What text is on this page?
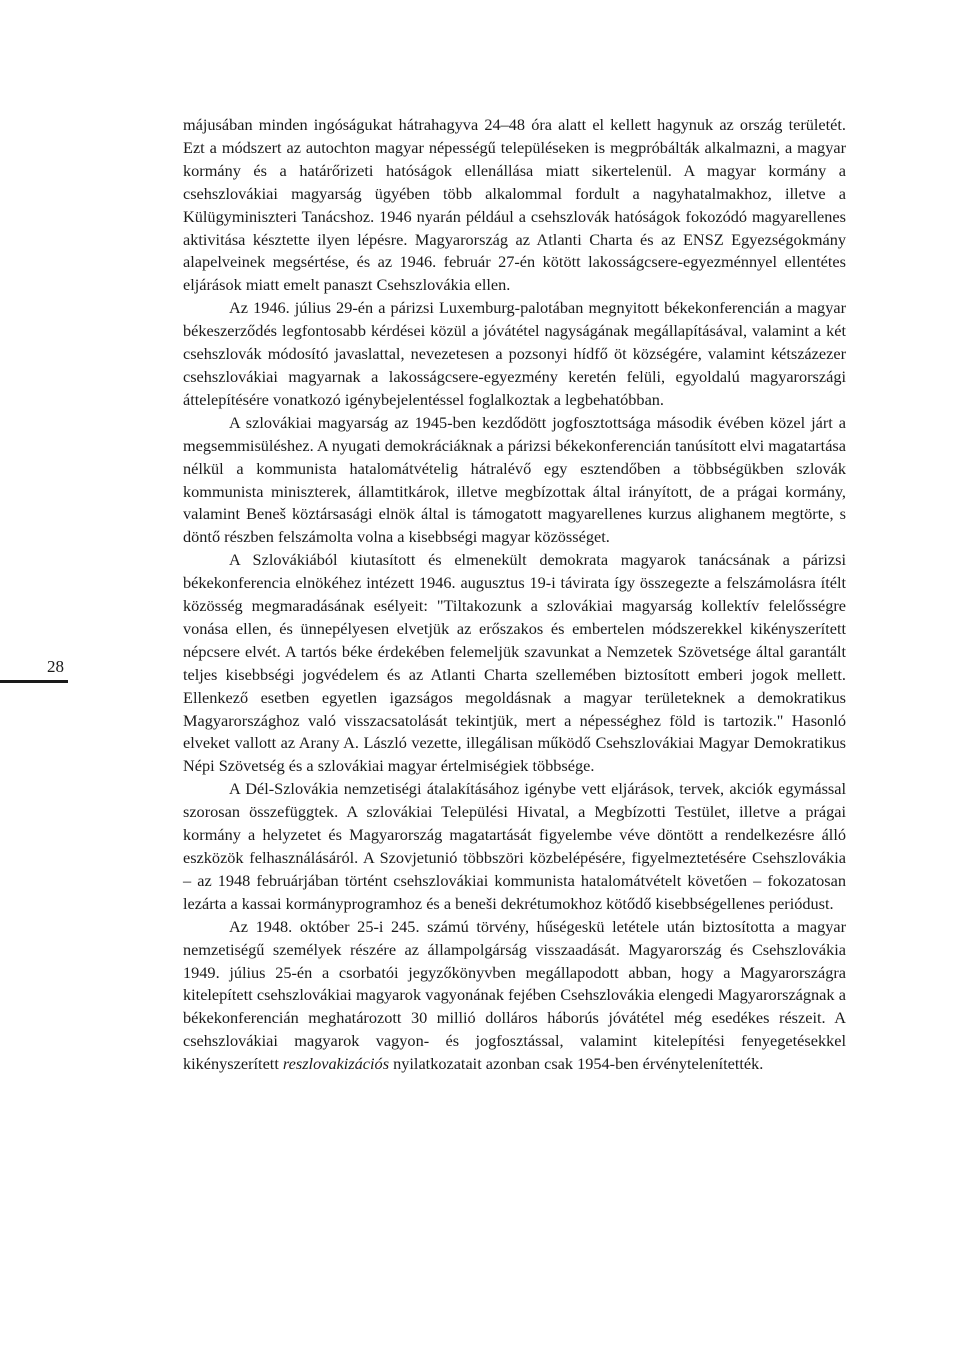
28

májusában minden ingóságukat hátrahagyva 24–48 óra alatt el kellett hagynuk az ország területét. Ezt a módszert az autochton magyar népességű településeken is megpróbálták alkalmazni, a magyar kormány és a határőrizeti hatóságok ellenállása miatt sikertelenül. A magyar kormány a csehszlovákiai magyarság ügyében több alkalommal fordult a nagyhatalmakhoz, illetve a Külügyminiszteri Tanácshoz. 1946 nyarán például a csehszlovák hatóságok fokozódó magyarellenes aktivitása késztette ilyen lépésre. Magyarország az Atlanti Charta és az ENSZ Egyezségokmány alapelveinek megsértése, és az 1946. február 27-én kötött lakosságcsere-egyezménnyel ellentétes eljárások miatt emelt panaszt Csehszlovákia ellen.

Az 1946. július 29-én a párizsi Luxemburg-palotában megnyitott békekonferencián a magyar békeszerződés legfontosabb kérdései közül a jóvátétel nagyságának megállapításával, valamint a két csehszlovák módosító javaslattal, nevezetesen a pozsonyi hídfő öt községére, valamint kétszázezer csehszlovákiai magyarnak a lakosságcsere-egyezmény keretén felüli, egyoldalú magyarországi áttelepítésére vonatkozó igénybejelentéssel foglalkoztak a legbehatóbban.

A szlovákiai magyarság az 1945-ben kezdődött jogfosztottsága második évében közel járt a megsemmisüléshez. A nyugati demokráciáknak a párizsi békekonferencián tanúsított elvi magatartása nélkül a kommunista hatalomátvételig hátralévő egy esztendőben a többségükben szlovák kommunista miniszterek, államtitkárok, illetve megbízottak által irányított, de a prágai kormány, valamint Beneš köztársasági elnök által is támogatott magyarellenes kurzus alighanem megtörte, s döntő részben felszámolta volna a kisebbségi magyar közösséget.

A Szlovákiából kiutasított és elmenekült demokrata magyarok tanácsának a párizsi békekonferencia elnökéhez intézett 1946. augusztus 19-i távirata így összegezte a felszámolásra ítélt közösség megmaradásának esélyeit: "Tiltakozunk a szlovákiai magyarság kollektív felelősségre vonása ellen, és ünnepélyesen elvetjük az erőszakos és embertelen módszerekkel kikényszerített népcsere elvét. A tartós béke érdekében felemeljük szavunkat a Nemzetek Szövetsége által garantált teljes kisebbségi jogvédelem és az Atlanti Charta szellemében biztosított emberi jogok mellett. Ellenkező esetben egyetlen igazságos megoldásnak a magyar területeknek a demokratikus Magyarországhoz való visszacsatolását tekintjük, mert a népességhez föld is tartozik." Hasonló elveket vallott az Arany A. László vezette, illegálisan működő Csehszlovákiai Magyar Demokratikus Népi Szövetség és a szlovákiai magyar értelmiségiek többsége.

A Dél-Szlovákia nemzetiségi átalakításához igénybe vett eljárások, tervek, akciók egymással szorosan összefüggtek. A szlovákiai Települési Hivatal, a Megbízotti Testület, illetve a prágai kormány a helyzetet és Magyarország magatartását figyelembe véve döntött a rendelkezésre álló eszközök felhasználásáról. A Szovjetunió többszöri közbelépésére, figyelmeztetésére Csehszlovákia – az 1948 februárjában történt csehszlovákiai kommunista hatalomátvételt követően – fokozatosan lezárta a kassai kormányprogramhoz és a beneši dekrétumokhoz kötődő kisebbségellenes periódust.

Az 1948. október 25-i 245. számú törvény, hűségeskü letétele után biztosította a magyar nemzetiségű személyek részére az állampolgárság visszaadását. Magyarország és Csehszlovákia 1949. július 25-én a csorbatói jegyzőkönyvben megállapodott abban, hogy a Magyarországra kitelepített csehszlovákiai magyarok vagyonának fejében Csehszlovákia elengedi Magyarországnak a békekonferencián meghatározott 30 millió dolláros háborús jóvátétel még esedékes részeit. A csehszlovákiai magyarok vagyon- és jogfosztással, valamint kitelepítési fenyegetésekkel kikényszerített reszlovakizációs nyilatkozatait azonban csak 1954-ben érvénytelenítették.
